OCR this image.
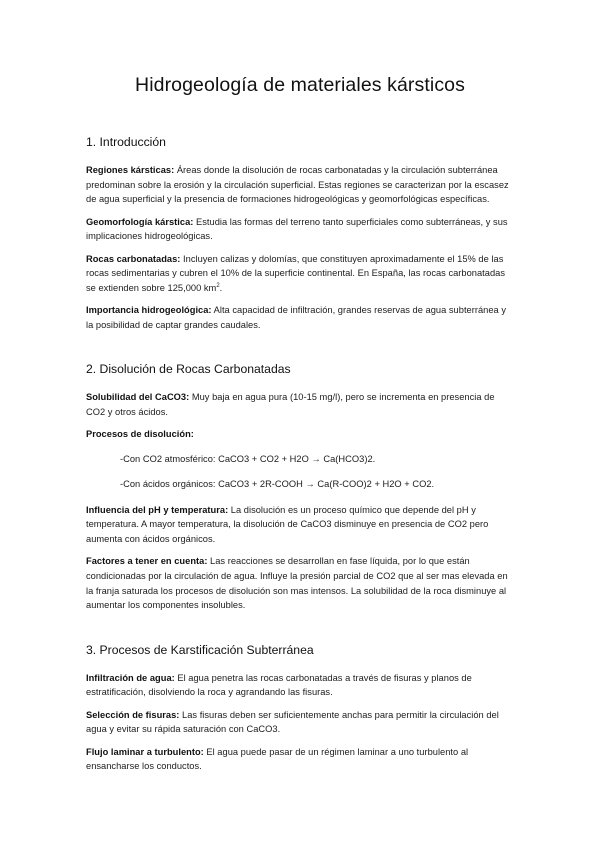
Hidrogeología de materiales kársticos
1. Introducción

Regiones kársticas: Áreas donde la disolución de rocas carbonatadas y la circulación subterránea predominan sobre la erosión y la circulación superficial. Estas regiones se caracterizan por la escasez de agua superficial y la presencia de formaciones hidrogeológicas y geomorfológicas específicas.

Geomorfología kárstica: Estudia las formas del terreno tanto superficiales como subterráneas, y sus implicaciones hidrogeológicas.

Rocas carbonatadas: Incluyen calizas y dolomías, que constituyen aproximadamente el 15% de las rocas sedimentarias y cubren el 10% de la superficie continental. En España, las rocas carbonatadas se extienden sobre 125,000 $km^2$.

Importancia hidrogeológica: Alta capacidad de infiltración, grandes reservas de agua subterránea y la posibilidad de captar grandes caudales.

2. Disolución de Rocas Carbonatadas

Solubilidad del CaCO3: Muy baja en agua pura (10-15 mg/l), pero se incrementa en presencia de CO2 y otros ácidos.

Procesos de disolución:

-Con CO2 atmosférico: CaCO3 + CO2 + H2O → Ca(HCO3)2.

-Con ácidos orgánicos: CaCO3 + 2R-COOH → Ca(R-COO)2 + H2O + CO2.

Influencia del pH y temperatura: La disolución es un proceso químico que depende del pH y temperatura. A mayor temperatura, la disolución de CaCO3 disminuye en presencia de CO2 pero aumenta con ácidos orgánicos.

Factores a tener en cuenta: Las reacciones se desarrollan en fase líquida, por lo que están condicionadas por la circulación de agua. Influye la presión parcial de CO2 que al ser mas elevada en la franja saturada los procesos de disolución son mas intensos. La solubilidad de la roca disminuye al aumentar los componentes insolubles.

3. Procesos de Karstificación Subterránea

Infiltración de agua: El agua penetra las rocas carbonatadas a través de fisuras y planos de estratificación, disolviendo la roca y agrandando las fisuras.

Selección de fisuras: Las fisuras deben ser suficientemente anchas para permitir la circulación del agua y evitar su rápida saturación con CaCO3.

Flujo laminar a turbulento: El agua puede pasar de un régimen laminar a uno turbulento al ensancharse los conductos.
